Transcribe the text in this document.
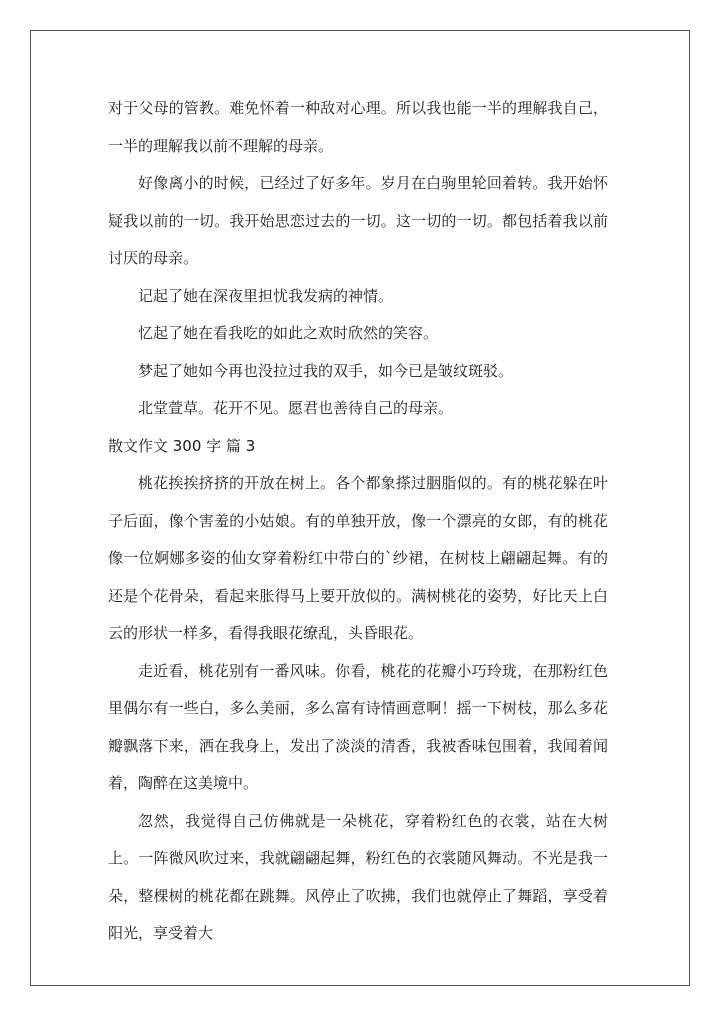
对于父母的管教。难免怀着一种敌对心理。所以我也能一半的理解我自己，一半的理解我以前不理解的母亲。

好像离小的时候，已经过了好多年。岁月在白驹里轮回着转。我开始怀疑我以前的一切。我开始思恋过去的一切。这一切的一切。都包括着我以前讨厌的母亲。

记起了她在深夜里担忧我发病的神情。

忆起了她在看我吃的如此之欢时欣然的笑容。

梦起了她如今再也没拉过我的双手，如今已是皱纹斑驳。

北堂萱草。花开不见。愿君也善待自己的母亲。

散文作文 300 字 篇 3

桃花挨挨挤挤的开放在树上。各个都象搽过胭脂似的。有的桃花躲在叶子后面，像个害羞的小姑娘。有的单独开放，像一个漂亮的女郎，有的桃花像一位婀娜多姿的仙女穿着粉红中带白的`纱裙，在树枝上翩翩起舞。有的还是个花骨朵，看起来胀得马上要开放似的。满树桃花的姿势，好比天上白云的形状一样多，看得我眼花缭乱，头昏眼花。

走近看，桃花别有一番风味。你看，桃花的花瓣小巧玲珑，在那粉红色里偶尔有一些白，多么美丽，多么富有诗情画意啊！摇一下树枝，那么多花瓣飘落下来，洒在我身上，发出了淡淡的清香，我被香味包围着，我闻着闻着，陶醉在这美境中。

忽然，我觉得自己仿佛就是一朵桃花，穿着粉红色的衣裳，站在大树上。一阵微风吹过来，我就翩翩起舞，粉红色的衣裳随风舞动。不光是我一朵，整棵树的桃花都在跳舞。风停止了吹拂，我们也就停止了舞蹈，享受着阳光，享受着大
